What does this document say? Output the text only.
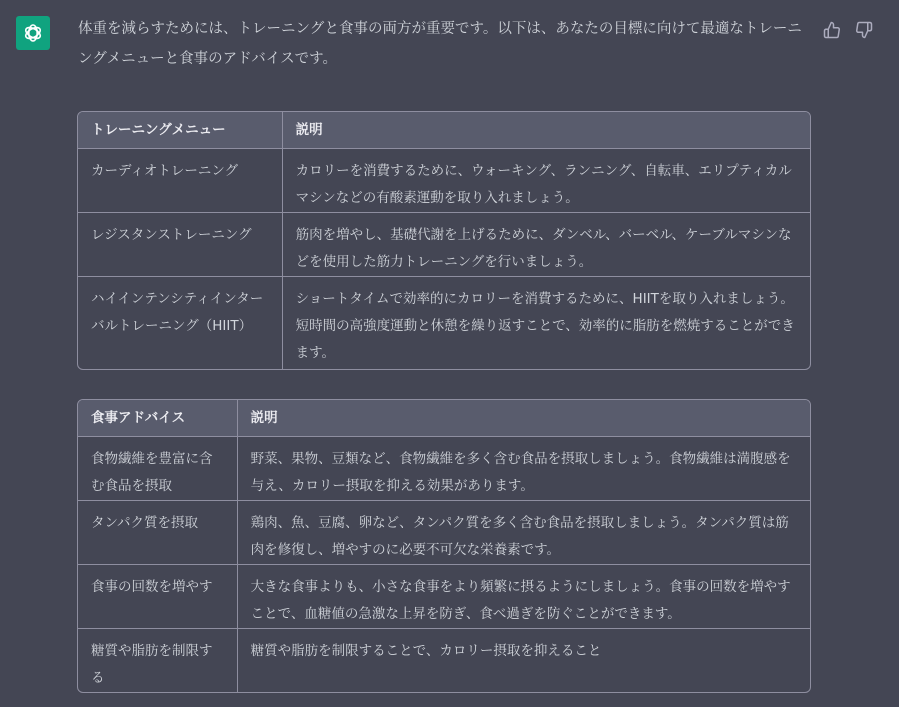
体重を減らすためには、トレーニングと食事の両方が重要です。以下は、あなたの目標に向けて最適なトレーニングメニューと食事のアドバイスです。

トレーニングメニュー	説明
カーディオトレーニング	カロリーを消費するために、ウォーキング、ランニング、自転車、エリプティカルマシンなどの有酸素運動を取り入れましょう。
レジスタンストレーニング	筋肉を増やし、基礎代謝を上げるために、ダンベル、バーベル、ケーブルマシンなどを使用した筋力トレーニングを行いましょう。
ハイインテンシティインターバルトレーニング（HIIT）	ショートタイムで効率的にカロリーを消費するために、HIITを取り入れましょう。短時間の高強度運動と休憩を繰り返すことで、効率的に脂肪を燃焼することができます。
食事アドバイス	説明
食物繊維を豊富に含む食品を摂取	野菜、果物、豆類など、食物繊維を多く含む食品を摂取しましょう。食物繊維は満腹感を与え、カロリー摂取を抑える効果があります。
タンパク質を摂取	鶏肉、魚、豆腐、卵など、タンパク質を多く含む食品を摂取しましょう。タンパク質は筋肉を修復し、増やすのに必要不可欠な栄養素です。
食事の回数を増やす	大きな食事よりも、小さな食事をより頻繁に摂るようにしましょう。食事の回数を増やすことで、血糖値の急激な上昇を防ぎ、食べ過ぎを防ぐことができます。
糖質や脂肪を制限する	糖質や脂肪を制限することで、カロリー摂取を抑えること
